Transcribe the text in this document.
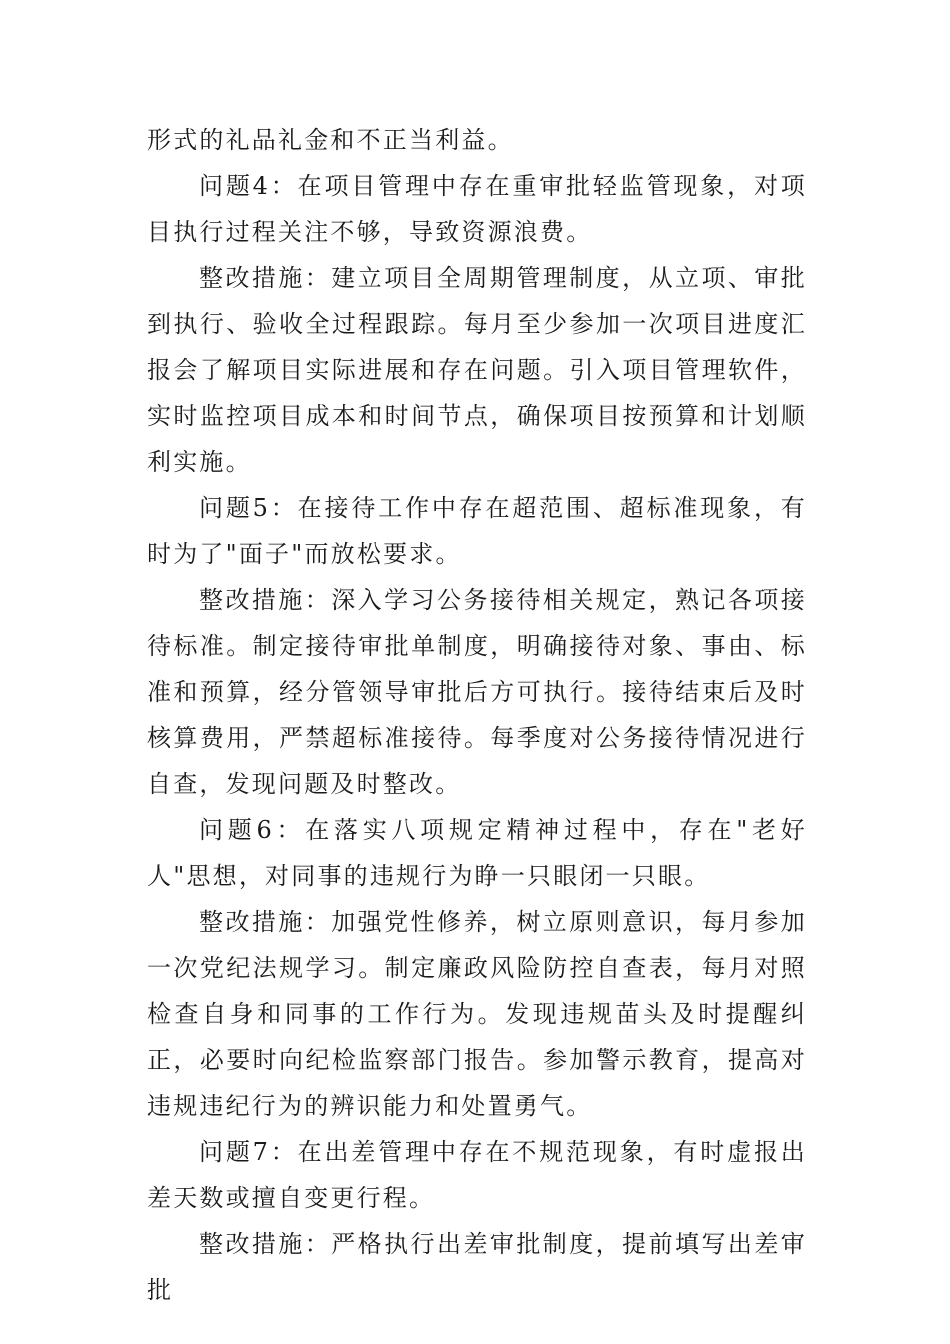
形式的礼品礼金和不正当利益。

问题4：在项目管理中存在重审批轻监管现象，对项目执行过程关注不够，导致资源浪费。

整改措施：建立项目全周期管理制度，从立项、审批到执行、验收全过程跟踪。每月至少参加一次项目进度汇报会了解项目实际进展和存在问题。引入项目管理软件，实时监控项目成本和时间节点，确保项目按预算和计划顺利实施。

问题5：在接待工作中存在超范围、超标准现象，有时为了"面子"而放松要求。

整改措施：深入学习公务接待相关规定，熟记各项接待标准。制定接待审批单制度，明确接待对象、事由、标准和预算，经分管领导审批后方可执行。接待结束后及时核算费用，严禁超标准接待。每季度对公务接待情况进行自查，发现问题及时整改。

问题6：在落实八项规定精神过程中，存在"老好人"思想，对同事的违规行为睁一只眼闭一只眼。

整改措施：加强党性修养，树立原则意识，每月参加一次党纪法规学习。制定廉政风险防控自查表，每月对照检查自身和同事的工作行为。发现违规苗头及时提醒纠正，必要时向纪检监察部门报告。参加警示教育，提高对违规违纪行为的辨识能力和处置勇气。

问题7：在出差管理中存在不规范现象，有时虚报出差天数或擅自变更行程。

整改措施：严格执行出差审批制度，提前填写出差审批
